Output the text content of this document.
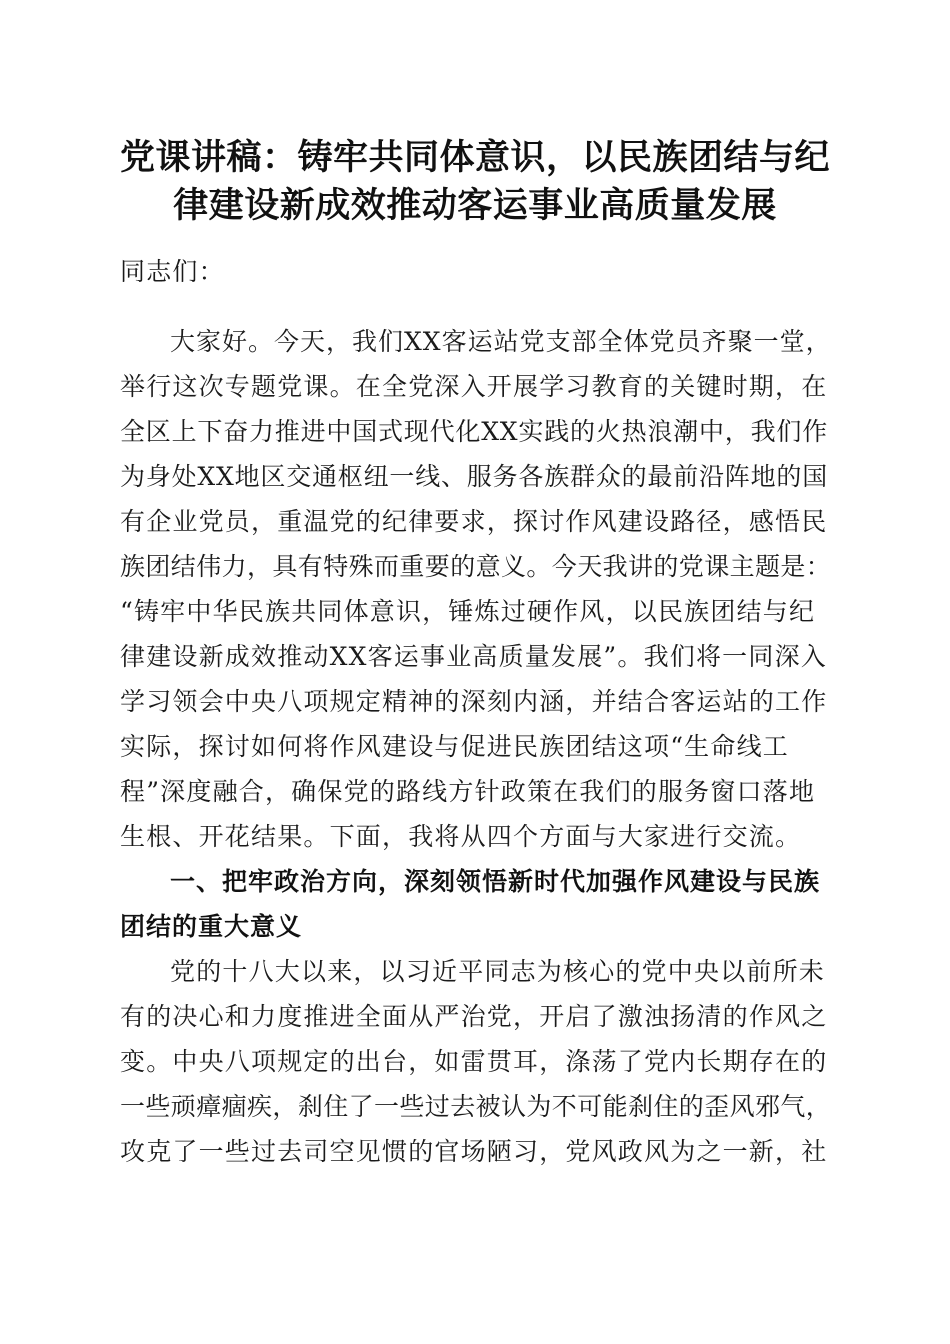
党课讲稿：铸牢共同体意识，以民族团结与纪
律建设新成效推动客运事业高质量发展
同志们：
大家好。今天，我们XX客运站党支部全体党员齐聚一堂，
举行这次专题党课。在全党深入开展学习教育的关键时期，在
全区上下奋力推进中国式现代化XX实践的火热浪潮中，我们作
为身处XX地区交通枢纽一线、服务各族群众的最前沿阵地的国
有企业党员，重温党的纪律要求，探讨作风建设路径，感悟民
族团结伟力，具有特殊而重要的意义。今天我讲的党课主题是：
“铸牢中华民族共同体意识，锤炼过硬作风，以民族团结与纪
律建设新成效推动XX客运事业高质量发展”。我们将一同深入
学习领会中央八项规定精神的深刻内涵，并结合客运站的工作
实际，探讨如何将作风建设与促进民族团结这项“生命线工
程”深度融合，确保党的路线方针政策在我们的服务窗口落地
生根、开花结果。下面，我将从四个方面与大家进行交流。
一、把牢政治方向，深刻领悟新时代加强作风建设与民族
团结的重大意义
党的十八大以来，以习近平同志为核心的党中央以前所未
有的决心和力度推进全面从严治党，开启了激浊扬清的作风之
变。中央八项规定的出台，如雷贯耳，涤荡了党内长期存在的
一些顽瘴痼疾，刹住了一些过去被认为不可能刹住的歪风邪气，
攻克了一些过去司空见惯的官场陋习，党风政风为之一新，社
